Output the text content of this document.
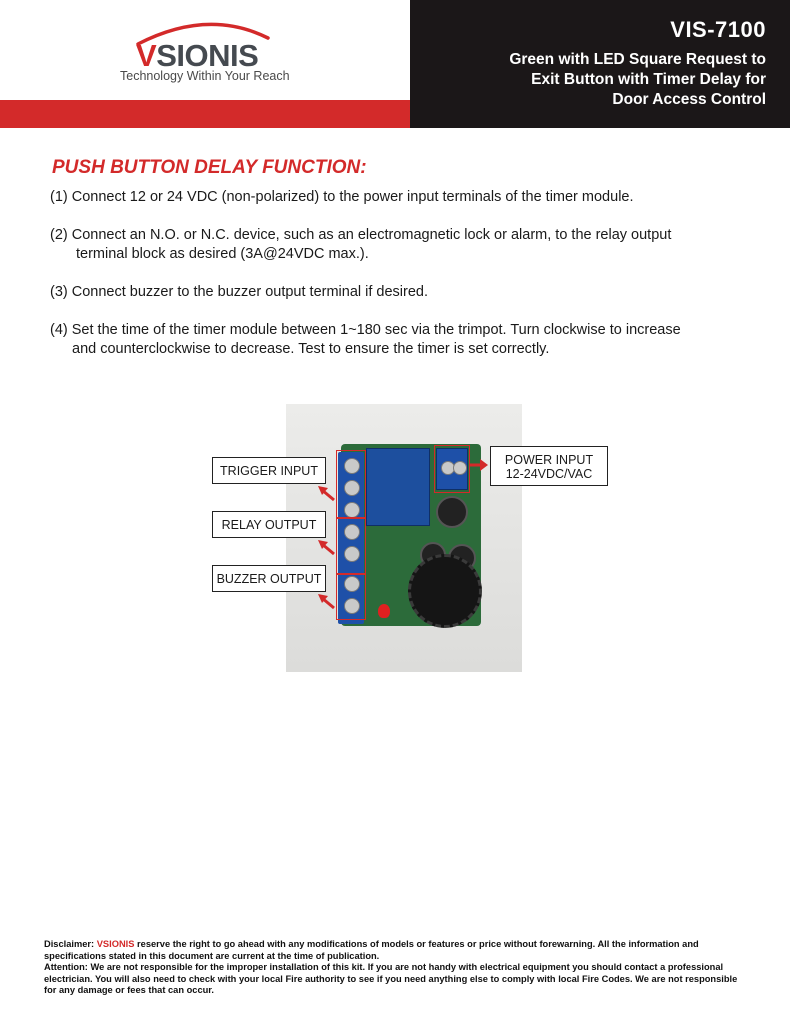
VSIONIS
Technology Within Your Reach
VIS-7100
Green with LED Square Request to
Exit Button with Timer Delay for
Door Access Control
PUSH BUTTON DELAY FUNCTION:
(1) Connect 12 or 24 VDC (non-polarized) to the power input terminals of the timer module.
(2) Connect an N.O. or N.C. device, such as an electromagnetic lock or alarm, to the relay output
terminal block as desired (3A@24VDC max.).
(3) Connect buzzer to the buzzer output terminal if desired.
(4) Set the time of the timer module between 1~180 sec via the trimpot. Turn clockwise to increase
and counterclockwise to decrease. Test to ensure the timer is set correctly.
TRIGGER INPUT
RELAY OUTPUT
BUZZER OUTPUT
POWER INPUT
12-24VDC/VAC
Disclaimer: VSIONIS reserve the right to go ahead with any modifications of models or features or price without forewarning. All the information and specifications stated in this document are current at the time of publication.
Attention: We are not responsible for the improper installation of this kit. If you are not handy with electrical equipment you should contact a professional electrician. You will also need to check with your local Fire authority to see if you need anything else to comply with local Fire Codes. We are not responsible for any damage or fees that can occur.
